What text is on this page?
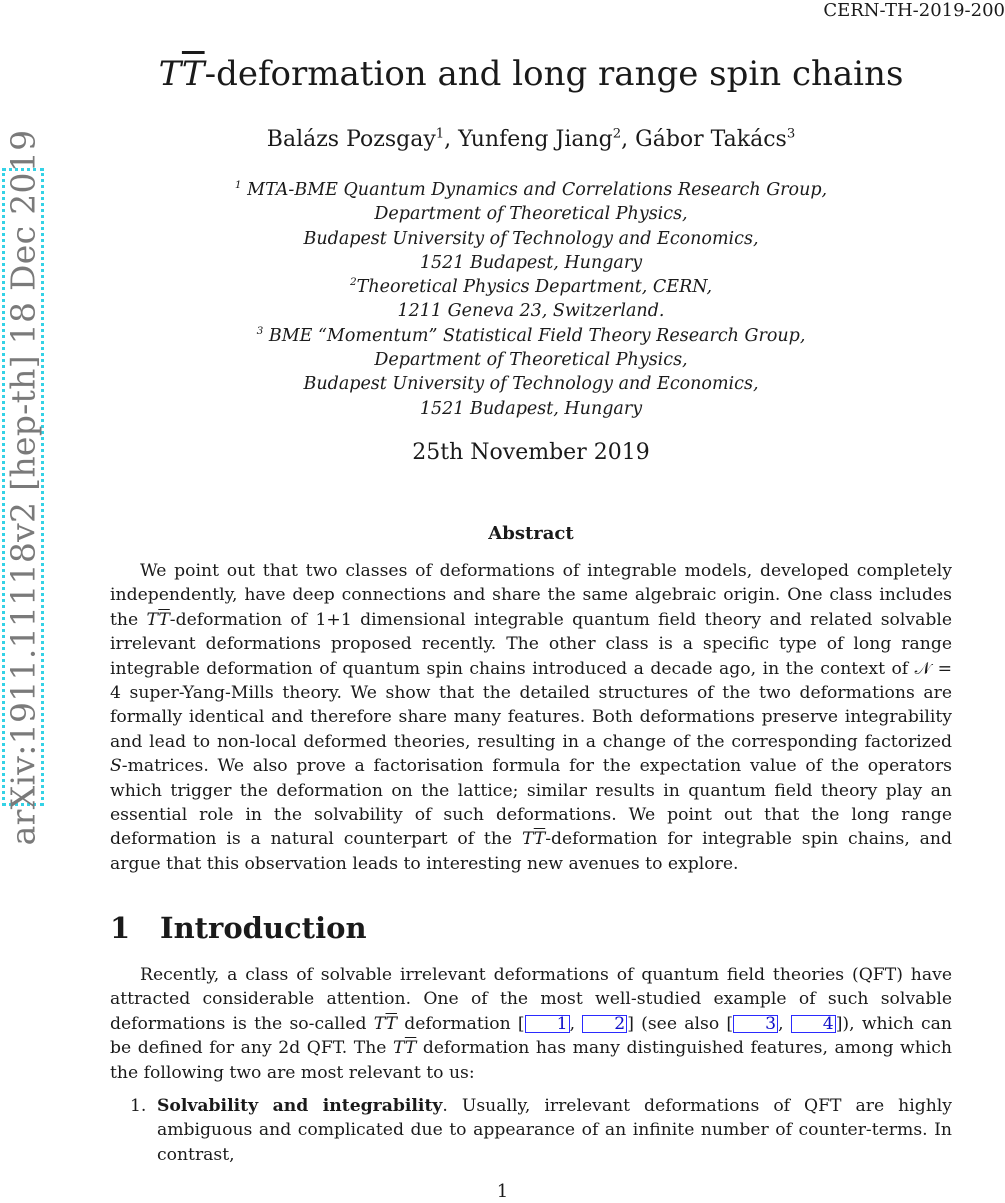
CERN-TH-2019-200
arXiv:1911.11118v2 [hep-th] 18 Dec 2019
$T\overline{T}$-deformation and long range spin chains
Balázs Pozsgay$^1$, Yunfeng Jiang$^2$, Gábor Takács$^3$
$^1$ MTA-BME Quantum Dynamics and Correlations Research Group,
Department of Theoretical Physics,
Budapest University of Technology and Economics,
1521 Budapest, Hungary
$^2$Theoretical Physics Department, CERN,
1211 Geneva 23, Switzerland.
$^3$ BME “Momentum” Statistical Field Theory Research Group,
Department of Theoretical Physics,
Budapest University of Technology and Economics,
1521 Budapest, Hungary
25th November 2019
Abstract

We point out that two classes of deformations of integrable models, developed completely independently, have deep connections and share the same algebraic origin. One class includes the $T\overline{T}$-deformation of 1+1 dimensional integrable quantum field theory and related solvable irrelevant deformations proposed recently. The other class is a specific type of long range integrable deformation of quantum spin chains introduced a decade ago, in the context of 𝒩 = 4 super-Yang-Mills theory. We show that the detailed structures of the two deformations are formally identical and therefore share many features. Both deformations preserve integrability and lead to non-local deformed theories, resulting in a change of the corresponding factorized S-matrices. We also prove a factorisation formula for the expectation value of the operators which trigger the deformation on the lattice; similar results in quantum field theory play an essential role in the solvability of such deformations. We point out that the long range deformation is a natural counterpart of the $T\overline{T}$-deformation for integrable spin chains, and argue that this observation leads to interesting new avenues to explore.

1 Introduction

Recently, a class of solvable irrelevant deformations of quantum field theories (QFT) have attracted considerable attention. One of the most well-studied example of such solvable deformations is the so-called $T\overline{T}$ deformation [ 1 , 2 ] (see also [ 3 , 4 ]), which can be defined for any 2d QFT. The $T\overline{T}$ deformation has many distinguished features, among which the following two are most relevant to us:

1. Solvability and integrability. Usually, irrelevant deformations of QFT are highly ambiguous and complicated due to appearance of an infinite number of counter-terms. In contrast,

1
